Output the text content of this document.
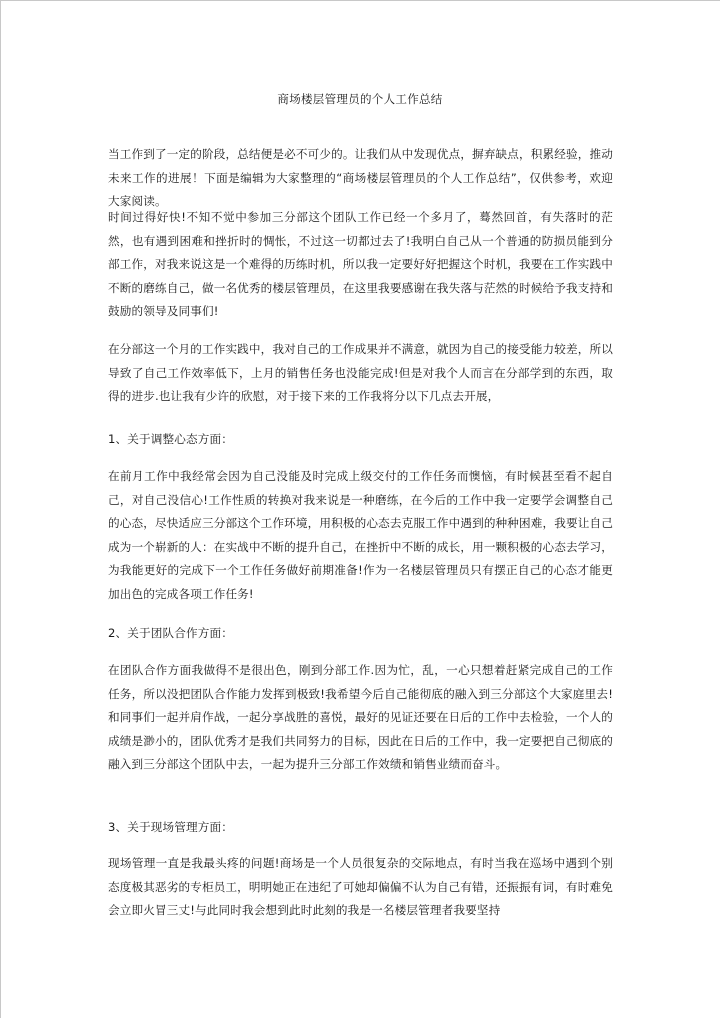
商场楼层管理员的个人工作总结

当工作到了一定的阶段，总结便是必不可少的。让我们从中发现优点，摒弃缺点，积累经验，推动未来工作的进展！下面是编辑为大家整理的“商场楼层管理员的个人工作总结”，仅供参考，欢迎大家阅读。

时间过得好快!不知不觉中参加三分部这个团队工作已经一个多月了，蓦然回首，有失落时的茫然，也有遇到困难和挫折时的惆怅，不过这一切都过去了!我明白自己从一个普通的防损员能到分部工作，对我来说这是一个难得的历练时机，所以我一定要好好把握这个时机，我要在工作实践中不断的磨练自己，做一名优秀的楼层管理员，在这里我要感谢在我失落与茫然的时候给予我支持和鼓励的领导及同事们!

在分部这一个月的工作实践中，我对自己的工作成果并不满意，就因为自己的接受能力较差，所以导致了自己工作效率低下，上月的销售任务也没能完成!但是对我个人而言在分部学到的东西，取得的进步.也让我有少许的欣慰，对于接下来的工作我将分以下几点去开展，

1、关于调整心态方面：

在前月工作中我经常会因为自己没能及时完成上级交付的工作任务而懊恼，有时候甚至看不起自己，对自己没信心!工作性质的转换对我来说是一种磨练，在今后的工作中我一定要学会调整自己的心态，尽快适应三分部这个工作环境，用积极的心态去克服工作中遇到的种种困难，我要让自己成为一个崭新的人：在实战中不断的提升自己，在挫折中不断的成长，用一颗积极的心态去学习，为我能更好的完成下一个工作任务做好前期准备!作为一名楼层管理员只有摆正自己的心态才能更加出色的完成各项工作任务!

2、关于团队合作方面：

在团队合作方面我做得不是很出色，刚到分部工作.因为忙，乱，一心只想着赶紧完成自己的工作任务，所以没把团队合作能力发挥到极致!我希望今后自己能彻底的融入到三分部这个大家庭里去!和同事们一起并肩作战，一起分享战胜的喜悦，最好的见证还要在日后的工作中去检验，一个人的成绩是渺小的，团队优秀才是我们共同努力的目标，因此在日后的工作中，我一定要把自己彻底的融入到三分部这个团队中去，一起为提升三分部工作效绩和销售业绩而奋斗。

3、关于现场管理方面：

现场管理一直是我最头疼的问题!商场是一个人员很复杂的交际地点，有时当我在巡场中遇到个别态度极其恶劣的专柜员工，明明她正在违纪了可她却偏偏不认为自己有错，还振振有词，有时难免会立即火冒三丈!与此同时我会想到此时此刻的我是一名楼层管理者我要坚持
